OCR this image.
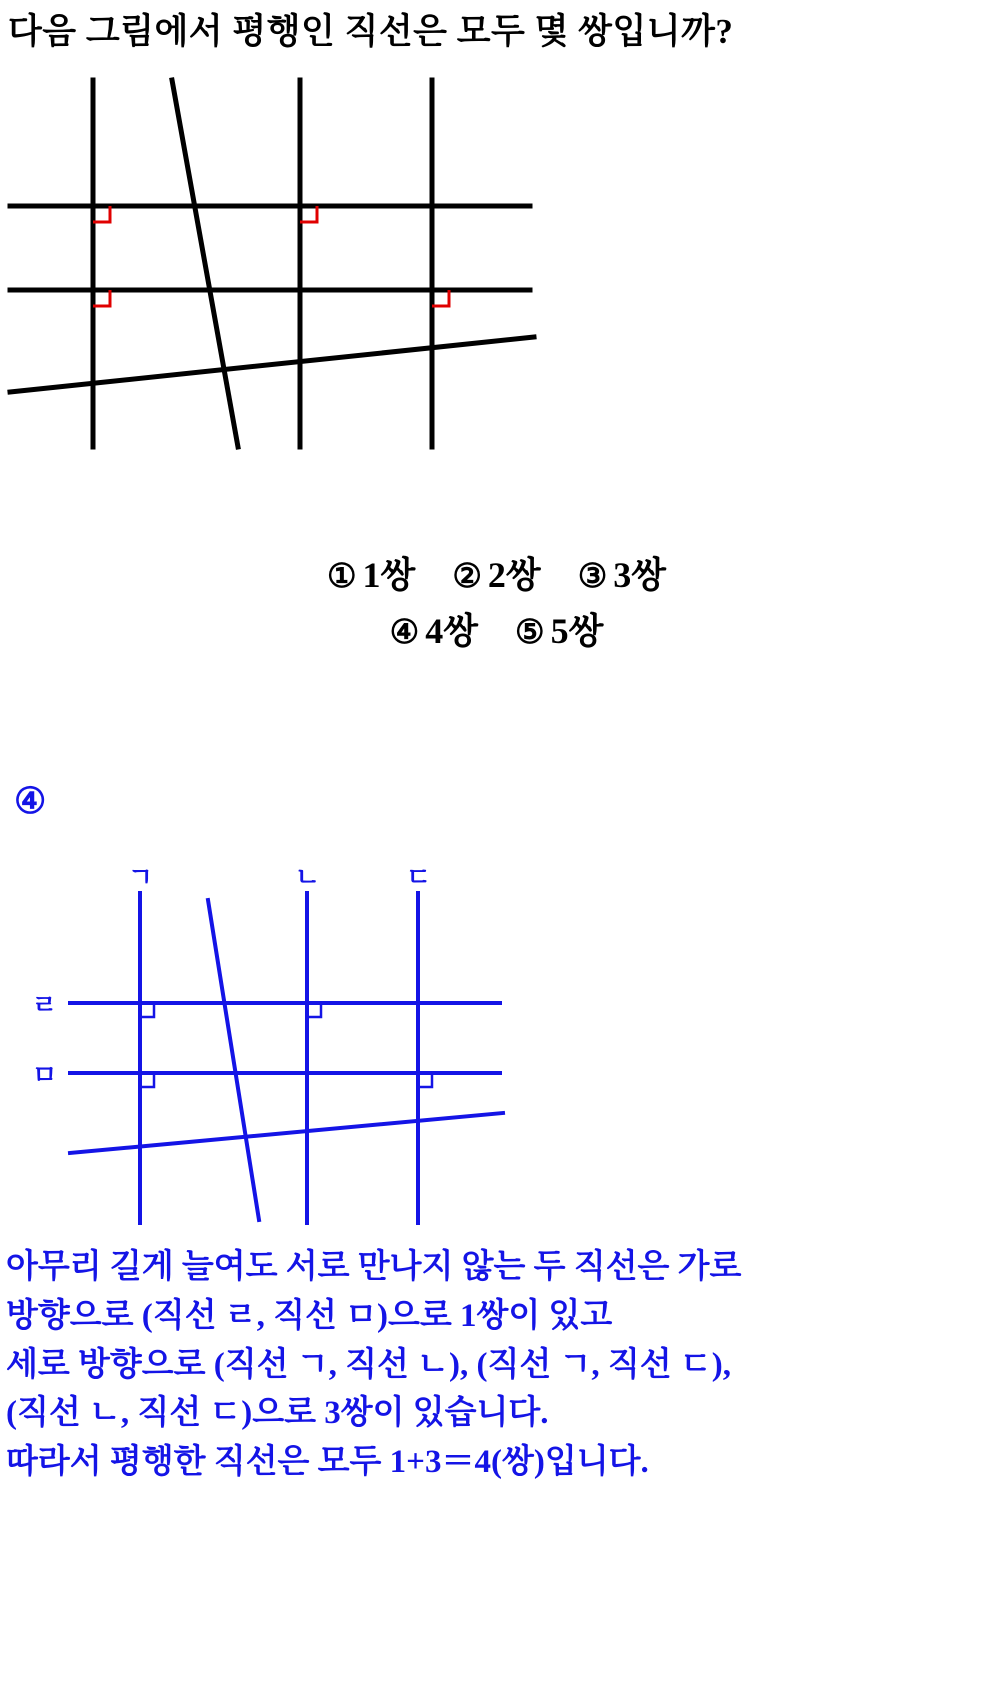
다음 그림에서 평행인 직선은 모두 몇 쌍입니까?
① 1쌍 ② 2쌍 ③ 3쌍
④ 4쌍 ⑤ 5쌍
④
ㄱ	ㄴ	ㄷ
ㄹ
ㅁ
아무리 길게 늘여도 서로 만나지 않는 두 직선은 가로
방향으로 (직선 ㄹ, 직선 ㅁ)으로 1쌍이 있고
세로 방향으로 (직선 ㄱ, 직선 ㄴ), (직선 ㄱ, 직선 ㄷ),
(직선 ㄴ, 직선 ㄷ)으로 3쌍이 있습니다.
따라서 평행한 직선은 모두 1+3＝4(쌍)입니다.
